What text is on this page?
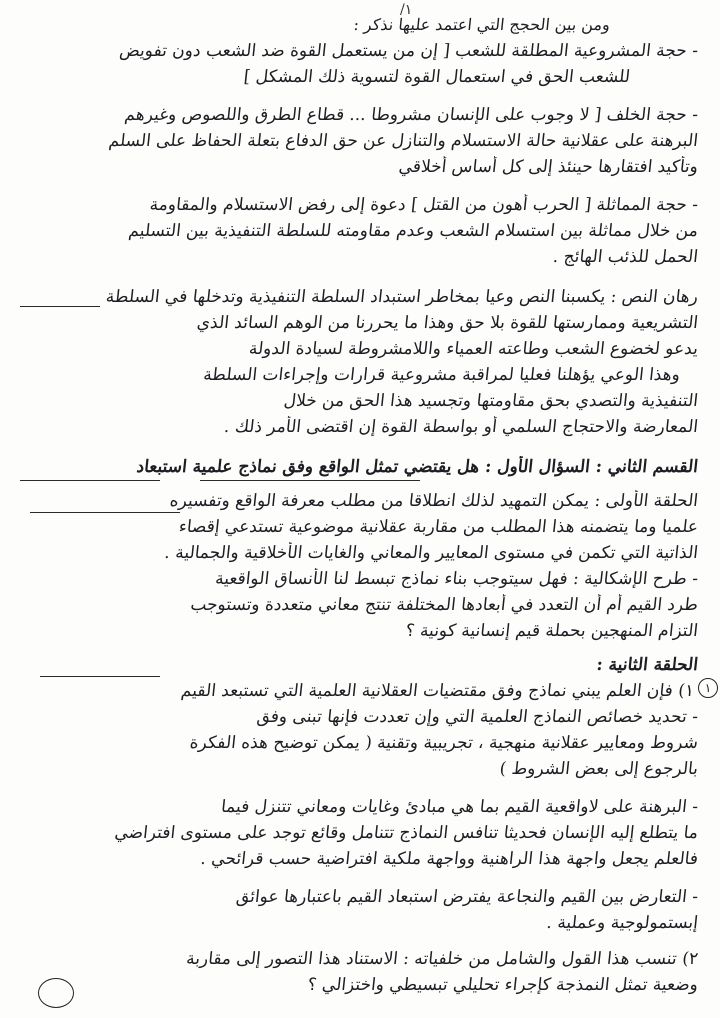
١/
ومن بين الحجج التي اعتمد عليها نذكر :
- حجة المشروعية المطلقة للشعب [ إن من يستعمل القوة ضد الشعب دون تفويض
للشعب الحق في استعمال القوة لتسوية ذلك المشكل ]
- حجة الخلف [ لا وجوب على الإنسان مشروطا ... قطاع الطرق واللصوص وغيرهم
البرهنة على عقلانية حالة الاستسلام والتنازل عن حق الدفاع بتعلة الحفاظ على السلم
وتأكيد افتقارها حينئذ إلى كل أساس أخلاقي
- حجة المماثلة [ الحرب أهون من القتل ] دعوة إلى رفض الاستسلام والمقاومة
من خلال مماثلة بين استسلام الشعب وعدم مقاومته للسلطة التنفيذية بين التسليم
الحمل للذئب الهائج .
رهان النص : يكسبنا النص وعيا بمخاطر استبداد السلطة التنفيذية وتدخلها في السلطة
التشريعية وممارستها للقوة بلا حق وهذا ما يحررنا من الوهم السائد الذي
يدعو لخضوع الشعب وطاعته العمياء واللامشروطة لسيادة الدولة
وهذا الوعي يؤهلنا فعليا لمراقبة مشروعية قرارات وإجراءات السلطة
التنفيذية والتصدي بحق مقاومتها وتجسيد هذا الحق من خلال
المعارضة والاحتجاج السلمي أو بواسطة القوة إن اقتضى الأمر ذلك .
القسم الثاني : السؤال الأول : هل يقتضي تمثل الواقع وفق نماذج علمية استبعاد
الحلقة الأولى : يمكن التمهيد لذلك انطلاقا من مطلب معرفة الواقع وتفسيره
علميا وما يتضمنه هذا المطلب من مقاربة عقلانية موضوعية تستدعي إقصاء
الذاتية التي تكمن في مستوى المعايير والمعاني والغايات الأخلاقية والجمالية .
- طرح الإشكالية : فهل سيتوجب بناء نماذج تبسط لنا الأنساق الواقعية
طرد القيم أم أن التعدد في أبعادها المختلفة تنتج معاني متعددة وتستوجب
التزام المنهجين بحملة قيم إنسانية كونية ؟
الحلقة الثانية :
١) فإن العلم يبني نماذج وفق مقتضيات العقلانية العلمية التي تستبعد القيم
- تحديد خصائص النماذج العلمية التي وإن تعددت فإنها تبنى وفق
شروط ومعايير عقلانية منهجية ، تجريبية وتقنية ( يمكن توضيح هذه الفكرة
بالرجوع إلى بعض الشروط )
- البرهنة على لاواقعية القيم بما هي مبادئ وغايات ومعاني تتنزل فيما
ما يتطلع إليه الإنسان فحديثا تنافس النماذج تتنامل وقائع توجد على مستوى افتراضي
فالعلم يجعل واجهة هذا الراهنية وواجهة ملكية افتراضية حسب قرائحي .
- التعارض بين القيم والنجاعة يفترض استبعاد القيم باعتبارها عوائق
إبستمولوجية وعملية .
٢) تنسب هذا القول والشامل من خلفياته : الاستناد هذا التصور إلى مقاربة
وضعية تمثل النمذجة كإجراء تحليلي تبسيطي واختزالي ؟
١
